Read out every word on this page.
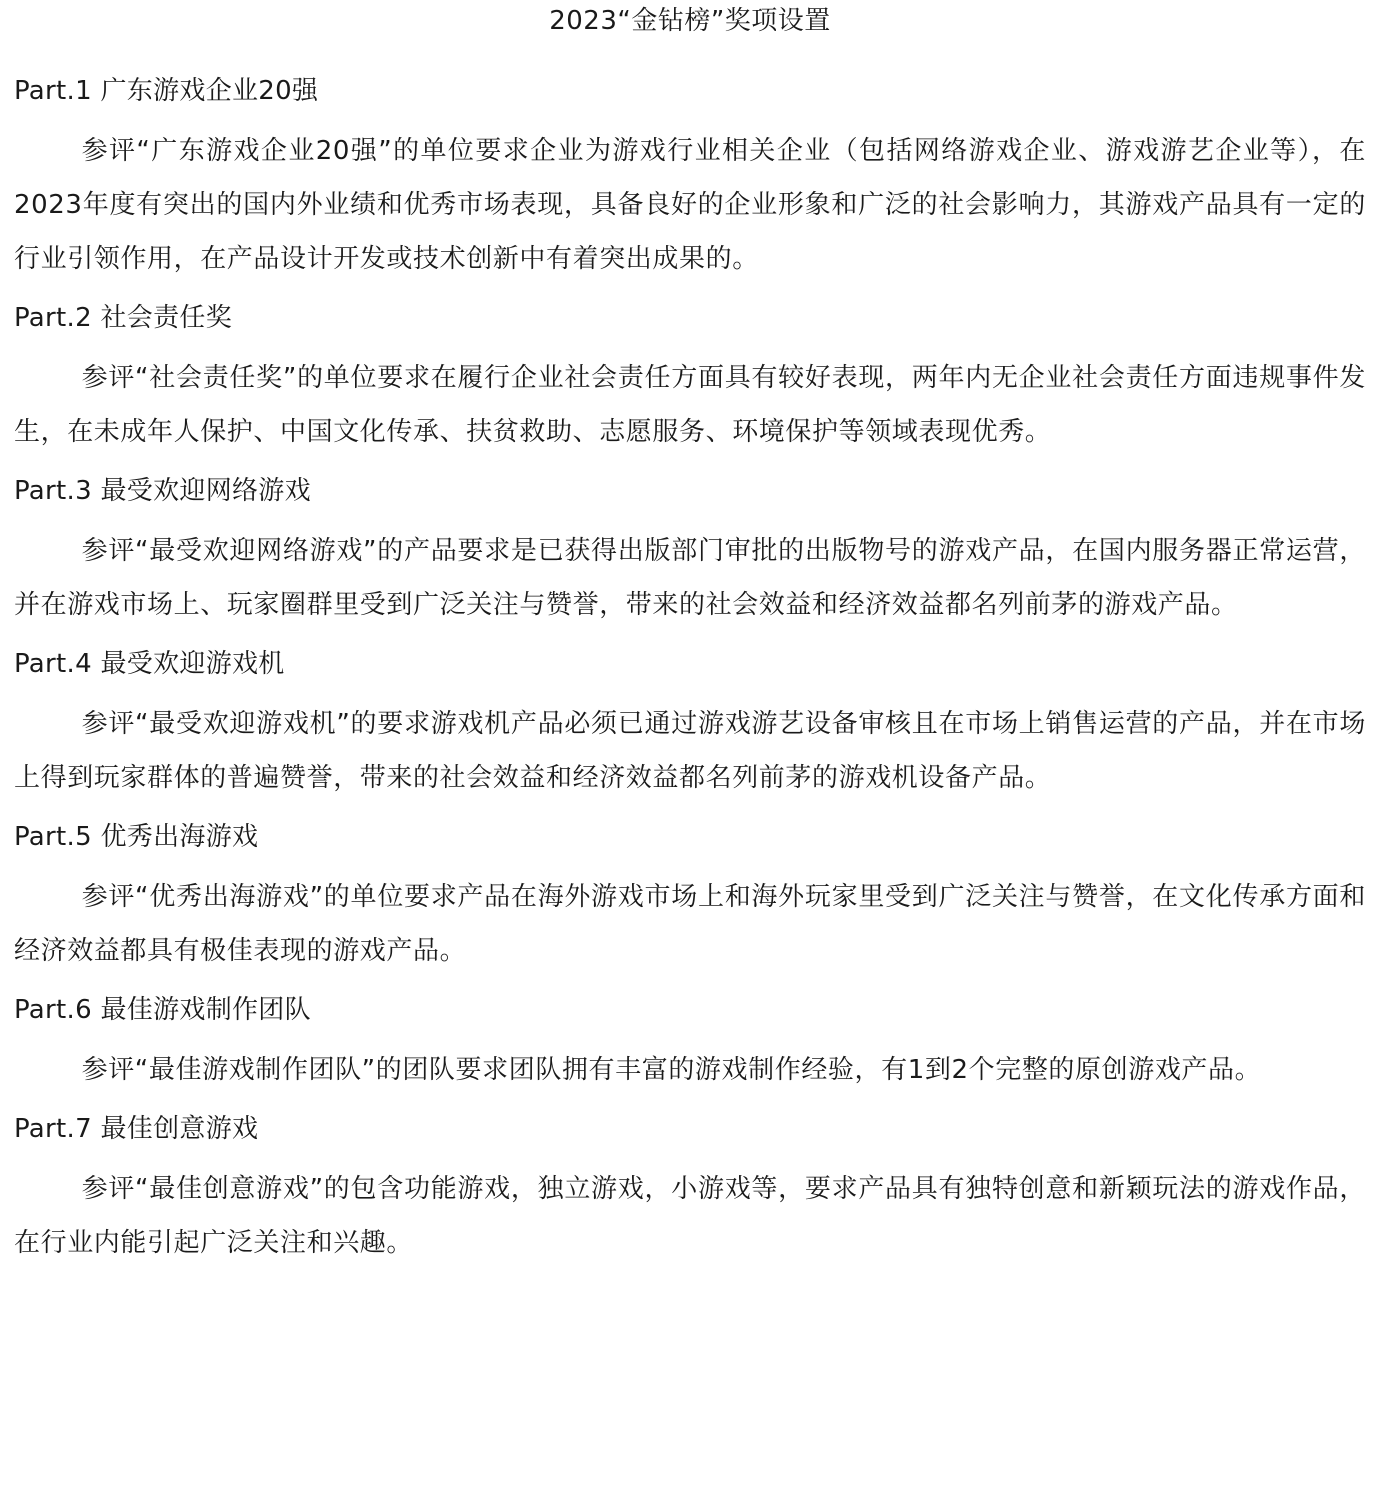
2023“金钻榜”奖项设置
Part.1 广东游戏企业20强

参评“广东游戏企业20强”的单位要求企业为游戏行业相关企业（包括网络游戏企业、游戏游艺企业等），在2023年度有突出的国内外业绩和优秀市场表现，具备良好的企业形象和广泛的社会影响力，其游戏产品具有一定的行业引领作用，在产品设计开发或技术创新中有着突出成果的。

Part.2 社会责任奖

参评“社会责任奖”的单位要求在履行企业社会责任方面具有较好表现，两年内无企业社会责任方面违规事件发生，在未成年人保护、中国文化传承、扶贫救助、志愿服务、环境保护等领域表现优秀。

Part.3 最受欢迎网络游戏

参评“最受欢迎网络游戏”的产品要求是已获得出版部门审批的出版物号的游戏产品，在国内服务器正常运营，并在游戏市场上、玩家圈群里受到广泛关注与赞誉，带来的社会效益和经济效益都名列前茅的游戏产品。

Part.4 最受欢迎游戏机

参评“最受欢迎游戏机”的要求游戏机产品必须已通过游戏游艺设备审核且在市场上销售运营的产品，并在市场上得到玩家群体的普遍赞誉，带来的社会效益和经济效益都名列前茅的游戏机设备产品。

Part.5 优秀出海游戏

参评“优秀出海游戏”的单位要求产品在海外游戏市场上和海外玩家里受到广泛关注与赞誉，在文化传承方面和经济效益都具有极佳表现的游戏产品。

Part.6 最佳游戏制作团队

参评“最佳游戏制作团队”的团队要求团队拥有丰富的游戏制作经验，有1到2个完整的原创游戏产品。

Part.7 最佳创意游戏

参评“最佳创意游戏”的包含功能游戏，独立游戏，小游戏等，要求产品具有独特创意和新颖玩法的游戏作品，在行业内能引起广泛关注和兴趣。
